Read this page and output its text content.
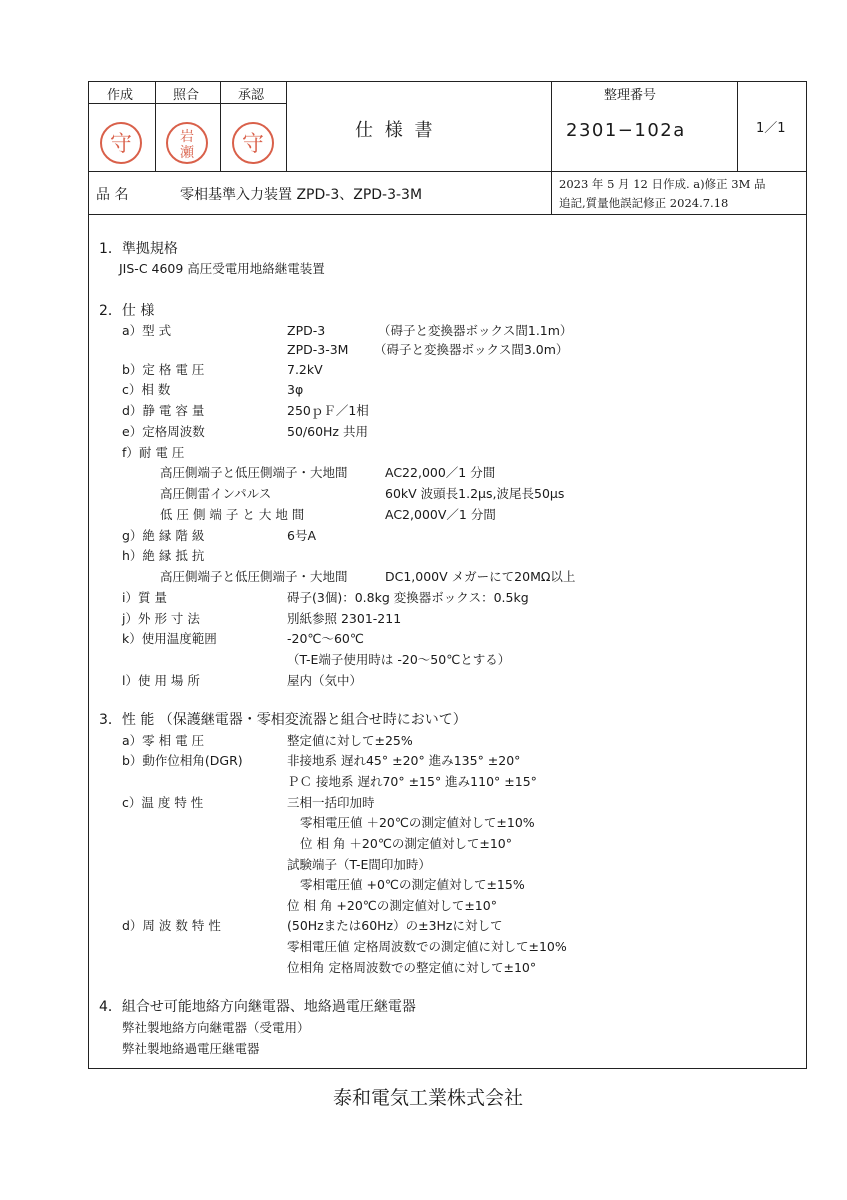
作成	照合	承認
守	岩
瀬 守
仕 様 書
整理番号
2301−102a	1／1
品 名	零相基準入力装置 ZPD-3、ZPD-3-3M
2023 年 5 月 12 日作成. a)修正 3M 品
追記,質量他誤記修正 2024.7.18
1．準拠規格
JIS-C 4609 高圧受電用地絡継電装置
2．仕 様
a）型 式	ZPD-3	（碍子と変換器ボックス間1.1m）
ZPD-3-3M （碍子と変換器ボックス間3.0m）
b）定 格 電 圧	7.2kV
c）相 数	3φ
d）静 電 容 量	250ｐＦ／1相
e）定格周波数	50/60Hz 共用
f）耐 電 圧
高圧側端子と低圧側端子・大地間	AC22,000／1 分間
高圧側雷インパルス	60kV 波頭長1.2μs,波尾長50μs
低 圧 側 端 子 と 大 地 間	AC2,000V／1 分間
g）絶 縁 階 級	6号A
h）絶 縁 抵 抗
高圧側端子と低圧側端子・大地間	DC1,000V メガーにて20MΩ以上
i）質 量	碍子(3個)：0.8kg 変換器ボックス：0.5kg
j）外 形 寸 法	別紙参照 2301-211
k）使用温度範囲	-20℃～60℃
（T-E端子使用時は -20～50℃とする）
l）使 用 場 所	屋内（気中）
3．性 能 （保護継電器・零相変流器と組合せ時において）
a）零 相 電 圧	整定値に対して±25%
b）動作位相角(DGR)	非接地系 遅れ45° ±20° 進み135° ±20°
ＰＣ 接地系 遅れ70° ±15° 進み110° ±15°
c）温 度 特 性	三相一括印加時
零相電圧値 ＋20℃の測定値対して±10%
位 相 角 ＋20℃の測定値対して±10°
試験端子（T-E間印加時）
零相電圧値 +0℃の測定値対して±15%
位 相 角 +20℃の測定値対して±10°
d）周 波 数 特 性	(50Hzまたは60Hz）の±3Hzに対して
零相電圧値 定格周波数での測定値に対して±10%
位相角 定格周波数での整定値に対して±10°
4．組合せ可能地絡方向継電器、地絡過電圧継電器
弊社製地絡方向継電器（受電用）
弊社製地絡過電圧継電器
泰和電気工業株式会社
